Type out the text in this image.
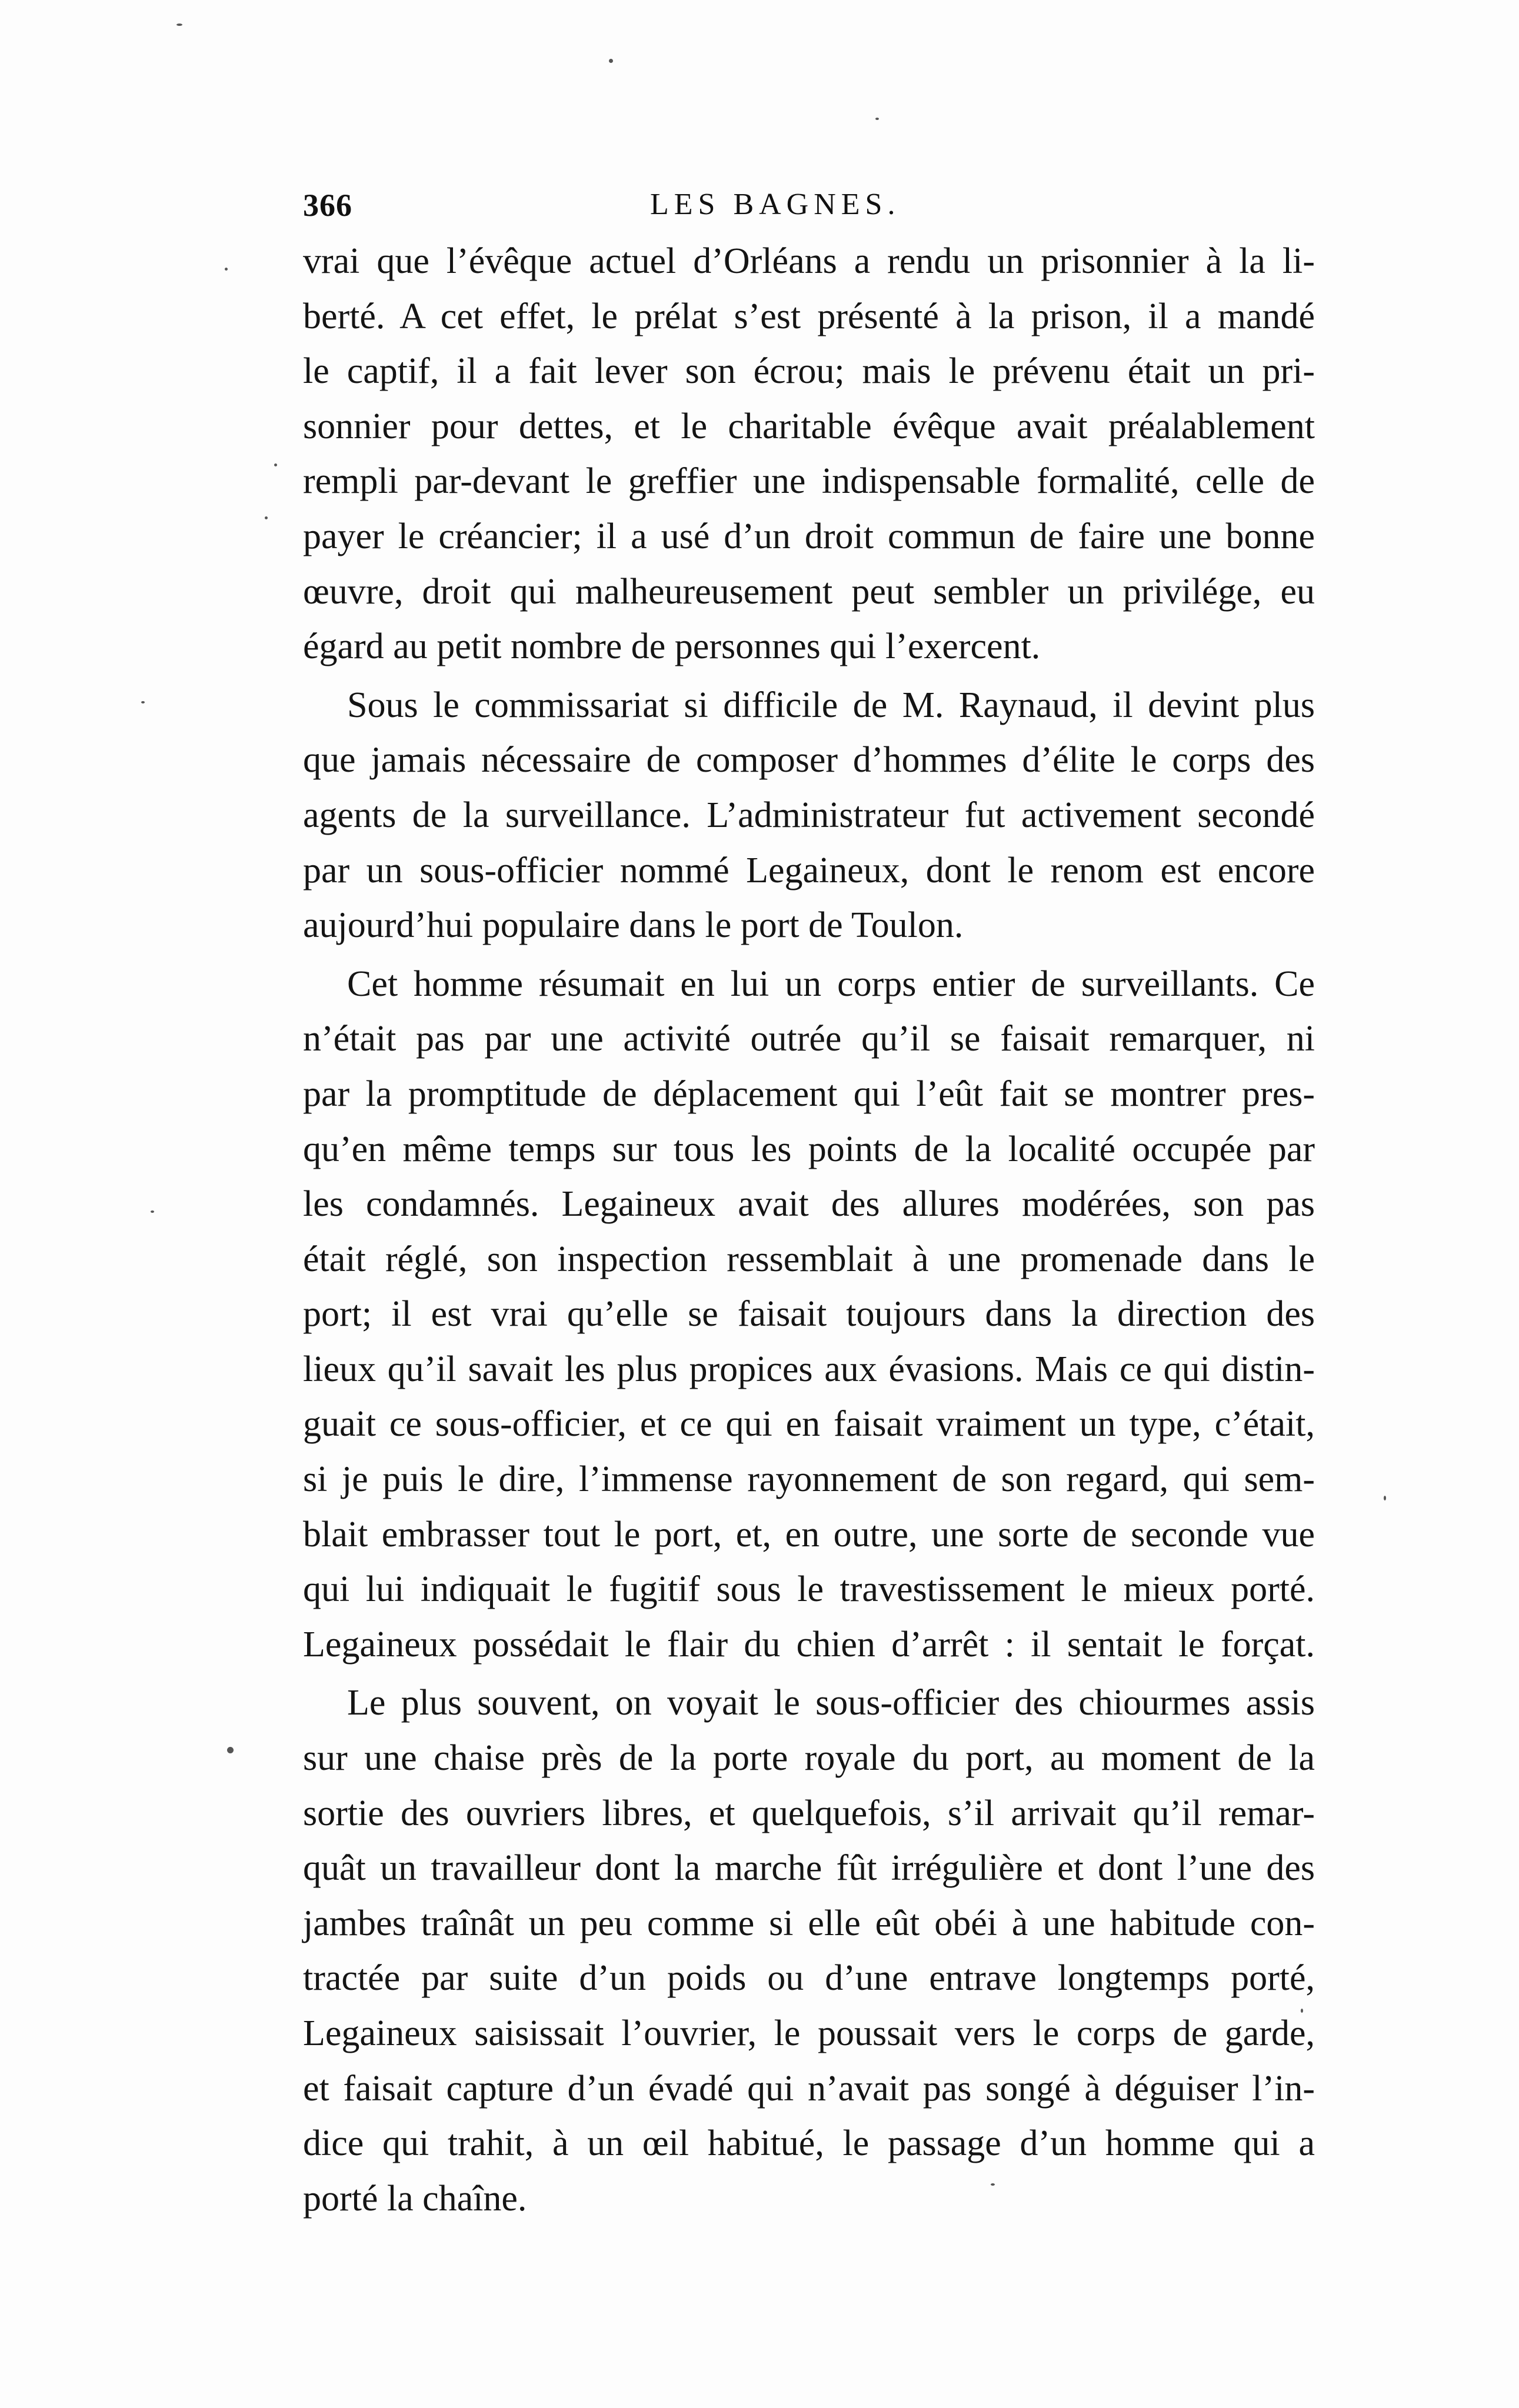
366	LES BAGNES.
vrai que l’évêque actuel d’Orléans a rendu un prisonnier à la li-
berté. A cet effet, le prélat s’est présenté à la prison, il a mandé
le captif, il a fait lever son écrou; mais le prévenu était un pri-
sonnier pour dettes, et le charitable évêque avait préalablement
rempli par-devant le greffier une indispensable formalité, celle de
payer le créancier; il a usé d’un droit commun de faire une bonne
œuvre, droit qui malheureusement peut sembler un privilége, eu
égard au petit nombre de personnes qui l’exercent.
Sous le commissariat si difficile de M. Raynaud, il devint plus
que jamais nécessaire de composer d’hommes d’élite le corps des
agents de la surveillance. L’administrateur fut activement secondé
par un sous-officier nommé Legaineux, dont le renom est encore
aujourd’hui populaire dans le port de Toulon.
Cet homme résumait en lui un corps entier de surveillants. Ce
n’était pas par une activité outrée qu’il se faisait remarquer, ni
par la promptitude de déplacement qui l’eût fait se montrer pres-
qu’en même temps sur tous les points de la localité occupée par
les condamnés. Legaineux avait des allures modérées, son pas
était réglé, son inspection ressemblait à une promenade dans le
port; il est vrai qu’elle se faisait toujours dans la direction des
lieux qu’il savait les plus propices aux évasions. Mais ce qui distin-
guait ce sous-officier, et ce qui en faisait vraiment un type, c’était,
si je puis le dire, l’immense rayonnement de son regard, qui sem-
blait embrasser tout le port, et, en outre, une sorte de seconde vue
qui lui indiquait le fugitif sous le travestissement le mieux porté.
Legaineux possédait le flair du chien d’arrêt : il sentait le forçat.
Le plus souvent, on voyait le sous-officier des chiourmes assis
sur une chaise près de la porte royale du port, au moment de la
sortie des ouvriers libres, et quelquefois, s’il arrivait qu’il remar-
quât un travailleur dont la marche fût irrégulière et dont l’une des
jambes traînât un peu comme si elle eût obéi à une habitude con-
tractée par suite d’un poids ou d’une entrave longtemps porté,
Legaineux saisissait l’ouvrier, le poussait vers le corps de garde,
et faisait capture d’un évadé qui n’avait pas songé à déguiser l’in-
dice qui trahit, à un œil habitué, le passage d’un homme qui a
porté la chaîne.
